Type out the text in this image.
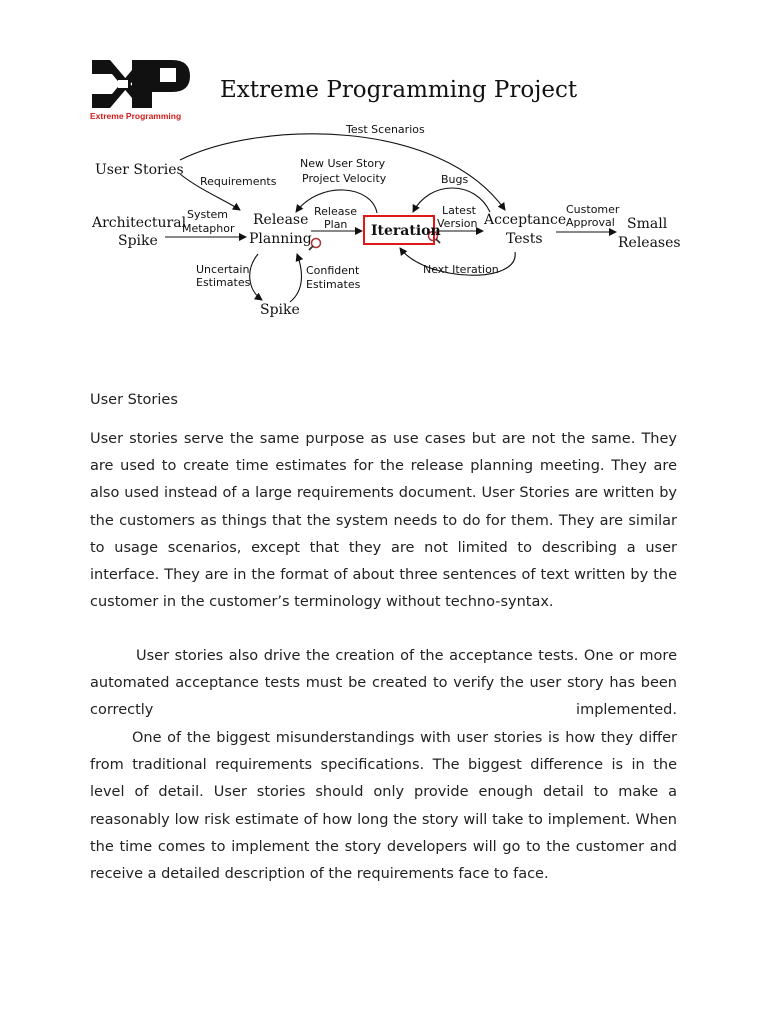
Extreme Programming
Extreme Programming Project
User Stories
Architectural
Spike
Release
Planning	Iteration
Acceptance
Tests
Small
Releases
Spike
Test Scenarios
Requirements
New User Story
Project Velocity	Bugs
System
Metaphor
Release
Plan
Latest
Version
Customer
Approval
Uncertain
Estimates
Confident
Estimates
Next Iteration
User Stories

User stories serve the same purpose as use cases but are not the same. They are used to create time estimates for the release planning meeting. They are also used instead of a large requirements document. User Stories are written by the customers as things that the system needs to do for them. They are similar to usage scenarios, except that they are not limited to describing a user interface. They are in the format of about three sentences of text written by the customer in the customer’s terminology without techno-syntax.

User stories also drive the creation of the acceptance tests. One or more automated acceptance tests must be created to verify the user story has been correctly implemented.

One of the biggest misunderstandings with user stories is how they differ from traditional requirements specifications. The biggest difference is in the level of detail. User stories should only provide enough detail to make a reasonably low risk estimate of how long the story will take to implement. When the time comes to implement the story developers will go to the customer and receive a detailed description of the requirements face to face.
